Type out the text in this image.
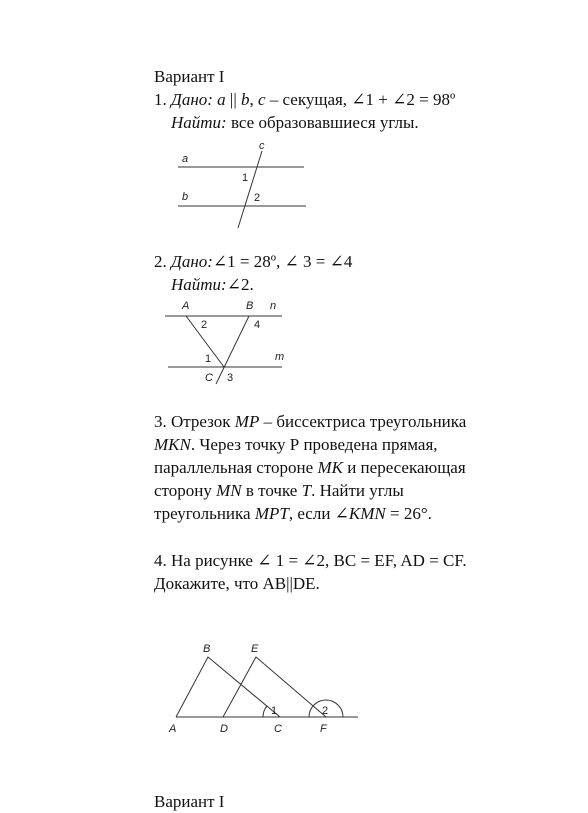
Вариант I
1. Дано: a || b, c – секущая, ∠1 + ∠2 = 98º
Найти: все образовавшиеся углы.
c
a
b
1
2
2. Дано:∠1 = 28º, ∠ 3 = ∠4
Найти:∠2.
A	B n
m
C
2	4
1
3
3. Отрезок MP – биссектриса треугольника
MKN. Через точку Р проведена прямая,
параллельная стороне MK и пересекающая
сторону MN в точке T. Найти углы
треугольника MPT, если ∠KMN = 26°.
4. На рисунке ∠ 1 = ∠2, BC = EF, AD = CF.
Докажите, что AB||DE.
B	E
A	D	C	F
1	2
Вариант I
